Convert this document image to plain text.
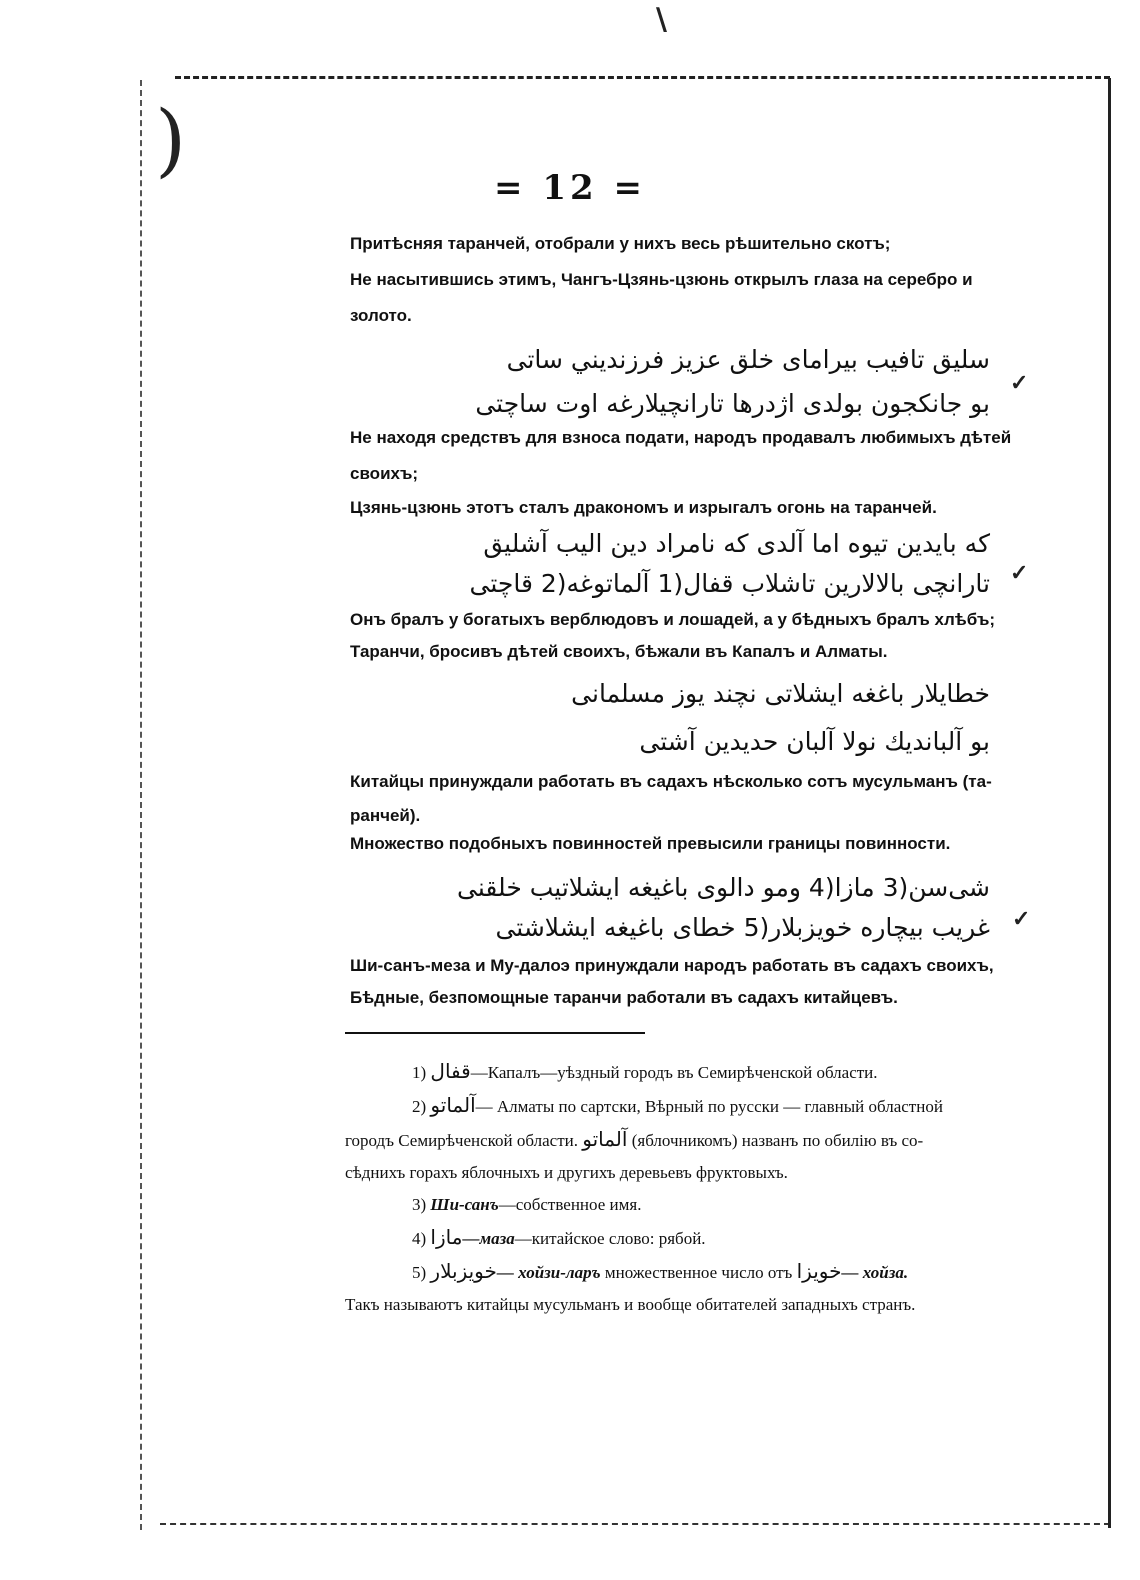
\
)
= 12 =
Притѣсняя таранчей, отобрали у нихъ весь рѣшительно скотъ;
Не насытившись этимъ, Чангъ-Цзянь-цзюнь открылъ глаза на серебро и
золото.
سليق تافيب بيراماى خلق عزيز فرزنديني ساتى
بو جانكجون بولدى اژدرها تارانچيلارغه اوت ساچتى
✓
Не находя средствъ для взноса подати, народъ продавалъ любимыхъ дѣтей
своихъ;
Цзянь-цзюнь этотъ сталъ дракономъ и изрыгалъ огонь на таранчей.
كه بايدين تيوه اما آلدى كه نامراد دين اليب آشليق
تارانچى بالالارين تاشلاب قفال(1 آلماتوغه(2 قاچتى ✓
Онъ бралъ у богатыхъ верблюдовъ и лошадей, а у бѣдныхъ бралъ хлѣбъ;
Таранчи, бросивъ дѣтей своихъ, бѣжали въ Капалъ и Алматы.
خطايلار باغغه ايشلاتى نچند يوز مسلمانى
بو آلبانديك نولا آلبان حديدين آشتى
Китайцы принуждали работать въ садахъ нѣсколько сотъ мусульманъ (та-
ранчей).
Множество подобныхъ повинностей превысили границы повинности.
شى‌سن(3 مازا(4 ومو دالوى باغيغه ايشلاتيب خلقنى
غريب بيچاره خويزبلار(5 خطاى باغيغه ايشلاشتى ✓
Ши-санъ-меза и Му-далоэ принуждали народъ работать въ садахъ своихъ,
Бѣдные, безпомощные таранчи работали въ садахъ китайцевъ.
1) قفال—Капалъ—уѣздный городъ въ Семирѣченской области.
2) آلماتو— Алматы по сартски, Вѣрный по русски — главный областной
городъ Семирѣченской области. آلماتو (яблочникомъ) названъ по обилію въ со-
сѣднихъ горахъ яблочныхъ и другихъ деревьевъ фруктовыхъ.
3) Ши-санъ—собственное имя.
4) مازا—маза—китайское слово: рябой.
5) خويزبلار— хойзи-ларъ множественное число отъ خويزا— хойза.
Такъ называютъ китайцы мусульманъ и вообще обитателей западныхъ странъ.
